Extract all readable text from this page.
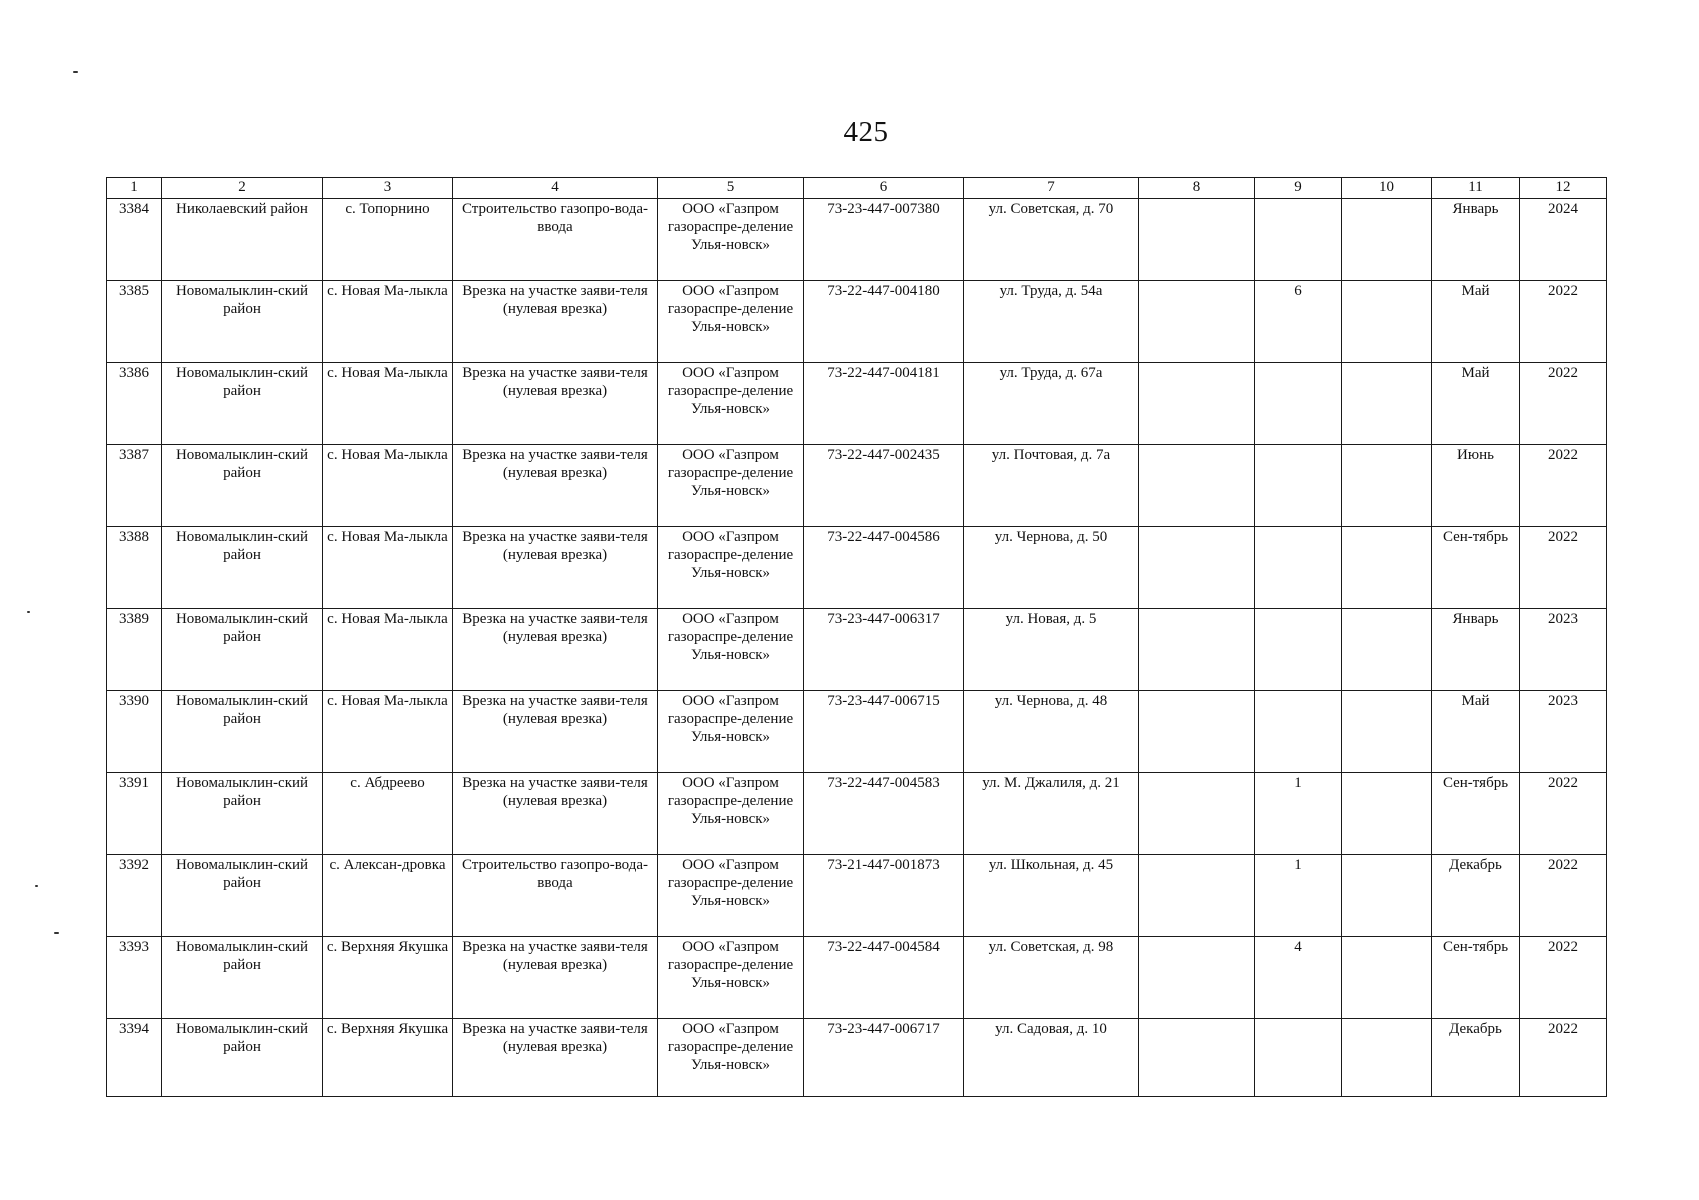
425
1	2	3	4	5	6	7	8	9	10	11	12
3384	Николаевский район	с. Топорнино	Строительство газопро-вода-ввода	ООО «Газпром газораспре-деление Улья-новск»	73-23-447-007380	ул. Советская, д. 70				Январь	2024
3385	Новомалыклин-ский район	с. Новая Ма-лыкла	Врезка на участке заяви-теля (нулевая врезка)	ООО «Газпром газораспре-деление Улья-новск»	73-22-447-004180	ул. Труда, д. 54а		6		Май	2022
3386	Новомалыклин-ский район	с. Новая Ма-лыкла	Врезка на участке заяви-теля (нулевая врезка)	ООО «Газпром газораспре-деление Улья-новск»	73-22-447-004181	ул. Труда, д. 67а				Май	2022
3387	Новомалыклин-ский район	с. Новая Ма-лыкла	Врезка на участке заяви-теля (нулевая врезка)	ООО «Газпром газораспре-деление Улья-новск»	73-22-447-002435	ул. Почтовая, д. 7а				Июнь	2022
3388	Новомалыклин-ский район	с. Новая Ма-лыкла	Врезка на участке заяви-теля (нулевая врезка)	ООО «Газпром газораспре-деление Улья-новск»	73-22-447-004586	ул. Чернова, д. 50				Сен-тябрь	2022
3389	Новомалыклин-ский район	с. Новая Ма-лыкла	Врезка на участке заяви-теля (нулевая врезка)	ООО «Газпром газораспре-деление Улья-новск»	73-23-447-006317	ул. Новая, д. 5				Январь	2023
3390	Новомалыклин-ский район	с. Новая Ма-лыкла	Врезка на участке заяви-теля (нулевая врезка)	ООО «Газпром газораспре-деление Улья-новск»	73-23-447-006715	ул. Чернова, д. 48				Май	2023
3391	Новомалыклин-ский район	с. Абдреево	Врезка на участке заяви-теля (нулевая врезка)	ООО «Газпром газораспре-деление Улья-новск»	73-22-447-004583	ул. М. Джалиля, д. 21		1		Сен-тябрь	2022
3392	Новомалыклин-ский район	с. Алексан-дровка	Строительство газопро-вода-ввода	ООО «Газпром газораспре-деление Улья-новск»	73-21-447-001873	ул. Школьная, д. 45		1		Декабрь	2022
3393	Новомалыклин-ский район	с. Верхняя Якушка	Врезка на участке заяви-теля (нулевая врезка)	ООО «Газпром газораспре-деление Улья-новск»	73-22-447-004584	ул. Советская, д. 98		4		Сен-тябрь	2022
3394	Новомалыклин-ский район	с. Верхняя Якушка	Врезка на участке заяви-теля (нулевая врезка)	ООО «Газпром газораспре-деление Улья-новск»	73-23-447-006717	ул. Садовая, д. 10				Декабрь	2022
